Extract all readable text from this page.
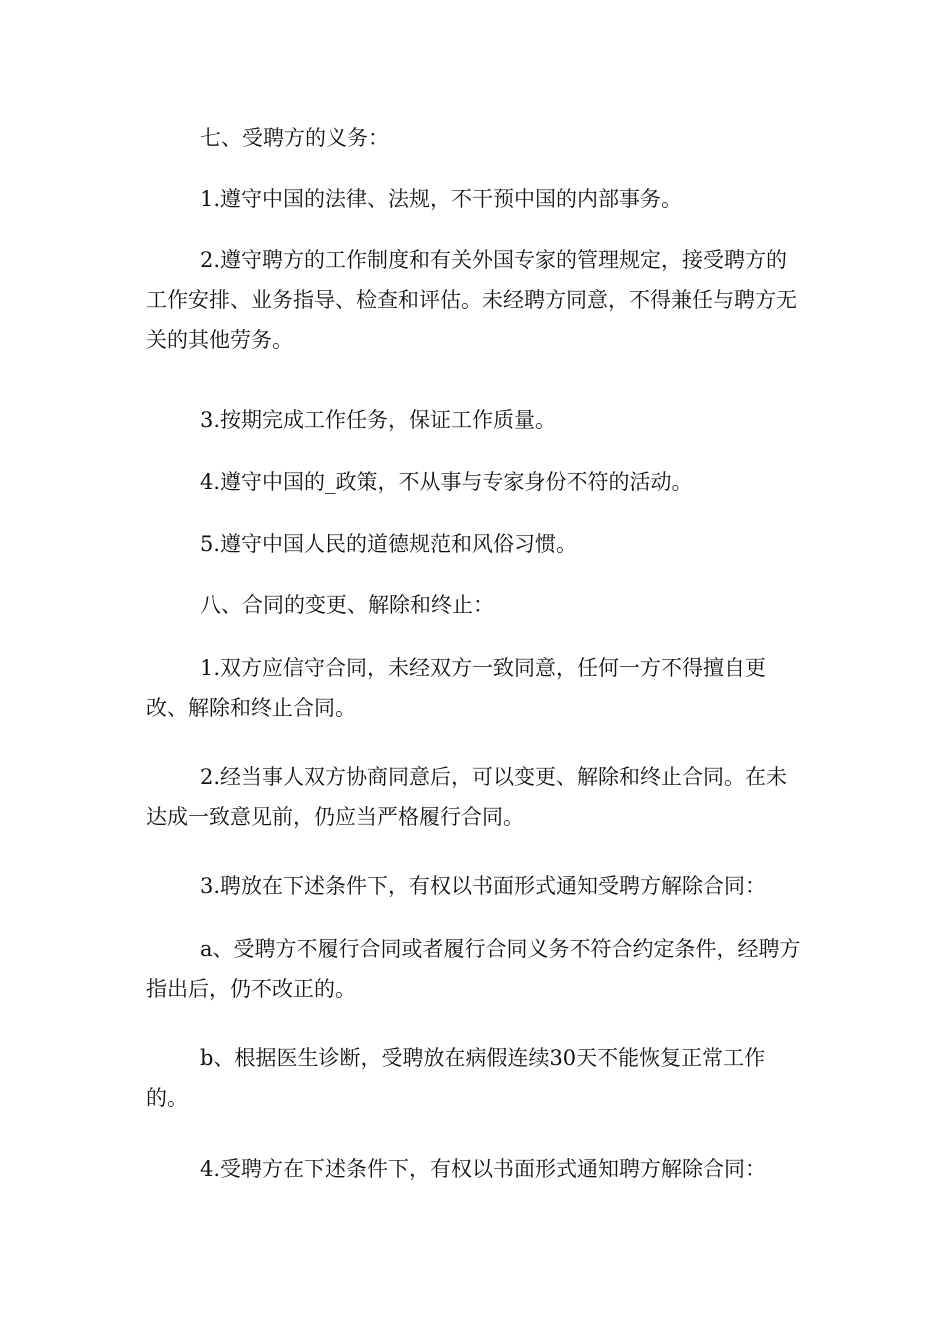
七、受聘方的义务：

1.遵守中国的法律、法规，不干预中国的内部事务。

2.遵守聘方的工作制度和有关外国专家的管理规定，接受聘方的工作安排、业务指导、检查和评估。未经聘方同意，不得兼任与聘方无关的其他劳务。

3.按期完成工作任务，保证工作质量。

4.遵守中国的_政策，不从事与专家身份不符的活动。

5.遵守中国人民的道德规范和风俗习惯。

八、合同的变更、解除和终止：

1.双方应信守合同，未经双方一致同意，任何一方不得擅自更改、解除和终止合同。

2.经当事人双方协商同意后，可以变更、解除和终止合同。在未达成一致意见前，仍应当严格履行合同。

3.聘放在下述条件下，有权以书面形式通知受聘方解除合同：

a、受聘方不履行合同或者履行合同义务不符合约定条件，经聘方指出后，仍不改正的。

b、根据医生诊断，受聘放在病假连续30天不能恢复正常工作的。

4.受聘方在下述条件下，有权以书面形式通知聘方解除合同：
